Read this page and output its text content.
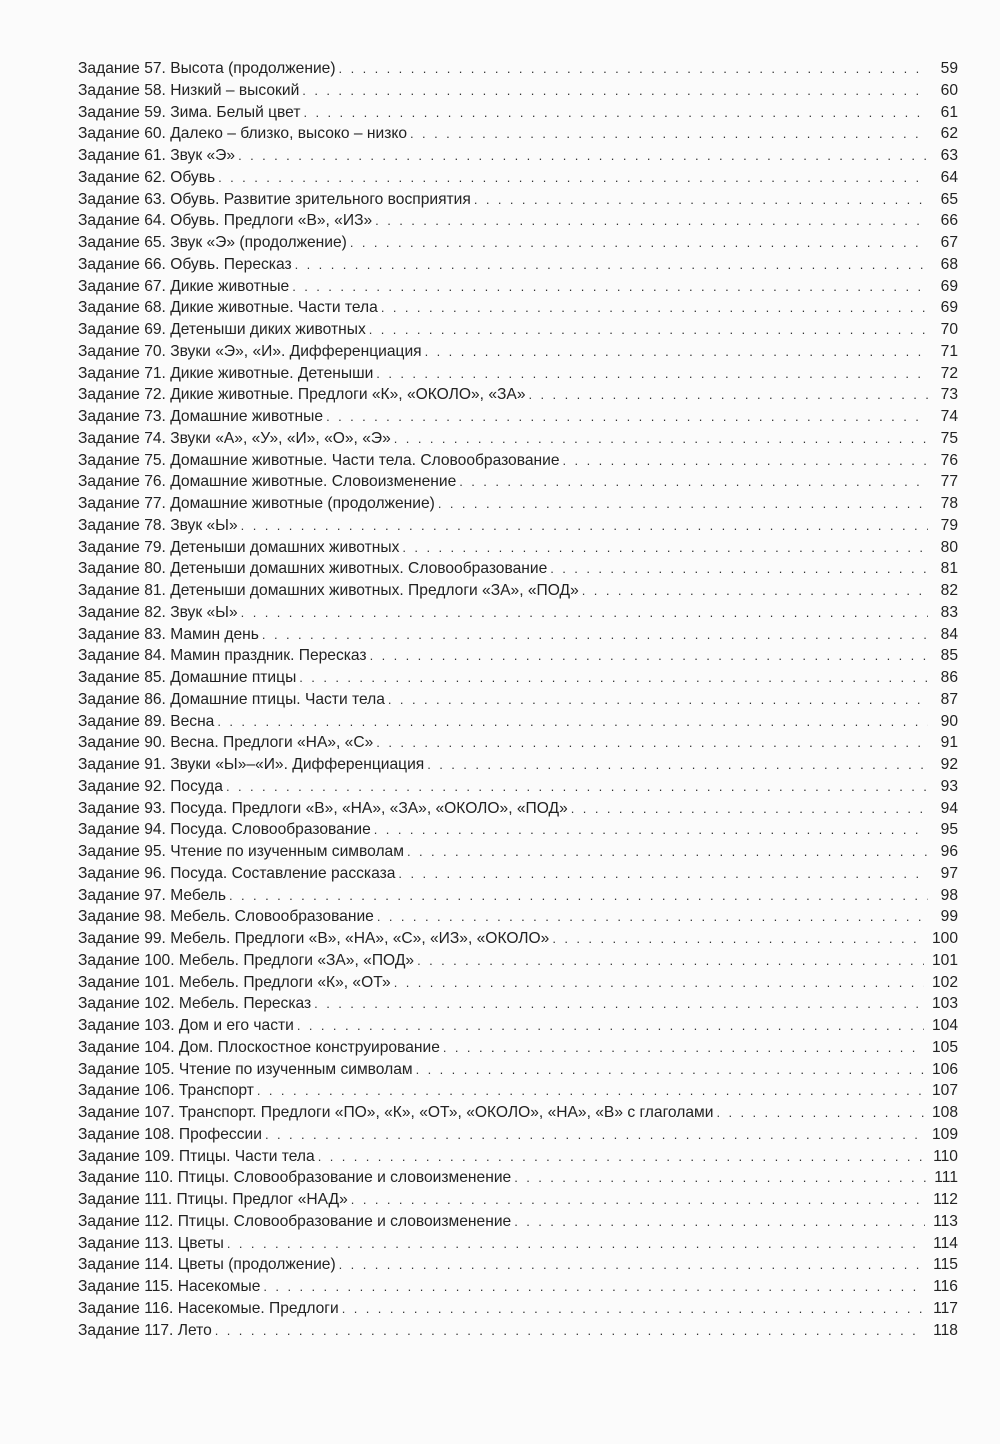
Задание 57. Высота (продолжение) . . .	59
Задание 58. Низкий – высокий . . .	60
Задание 59. Зима. Белый цвет . . .	61
Задание 60. Далеко – близко, высоко – низко . . .	62
Задание 61. Звук «Э» . . .	63
Задание 62. Обувь . . .	64
Задание 63. Обувь. Развитие зрительного восприятия . . .	65
Задание 64. Обувь. Предлоги «В», «ИЗ» . . .	66
Задание 65. Звук «Э» (продолжение) . . .	67
Задание 66. Обувь. Пересказ . . .	68
Задание 67. Дикие животные . . .	69
Задание 68. Дикие животные. Части тела . . .	69
Задание 69. Детеныши диких животных . . .	70
Задание 70. Звуки «Э», «И». Дифференциация . . .	71
Задание 71. Дикие животные. Детеныши . . .	72
Задание 72. Дикие животные. Предлоги «К», «ОКОЛО», «ЗА» . . .	73
Задание 73. Домашние животные . . .	74
Задание 74. Звуки «А», «У», «И», «О», «Э» . . .	75
Задание 75. Домашние животные. Части тела. Словообразование . . .	76
Задание 76. Домашние животные. Словоизменение . . .	77
Задание 77. Домашние животные (продолжение) . . .	78
Задание 78. Звук «Ы» . . .	79
Задание 79. Детеныши домашних животных . . .	80
Задание 80. Детеныши домашних животных. Словообразование . . .	81
Задание 81. Детеныши домашних животных. Предлоги «ЗА», «ПОД» . . .	82
Задание 82. Звук «Ы» . . .	83
Задание 83. Мамин день . . .	84
Задание 84. Мамин праздник. Пересказ . . .	85
Задание 85. Домашние птицы . . .	86
Задание 86. Домашние птицы. Части тела . . .	87
Задание 89. Весна . . .	90
Задание 90. Весна. Предлоги «НА», «С» . . .	91
Задание 91. Звуки «Ы»–«И». Дифференциация . . .	92
Задание 92. Посуда . . .	93
Задание 93. Посуда. Предлоги «В», «НА», «ЗА», «ОКОЛО», «ПОД» . . .	94
Задание 94. Посуда. Словообразование . . .	95
Задание 95. Чтение по изученным символам . . .	96
Задание 96. Посуда. Составление рассказа . . .	97
Задание 97. Мебель . . .	98
Задание 98. Мебель. Словообразование . . .	99
Задание 99. Мебель. Предлоги «В», «НА», «С», «ИЗ», «ОКОЛО» . . .	100
Задание 100. Мебель. Предлоги «ЗА», «ПОД» . . .	101
Задание 101. Мебель. Предлоги «К», «ОТ» . . .	102
Задание 102. Мебель. Пересказ . . .	103
Задание 103. Дом и его части . . .	104
Задание 104. Дом. Плоскостное конструирование . . .	105
Задание 105. Чтение по изученным символам . . .	106
Задание 106. Транспорт . . .	107
Задание 107. Транспорт. Предлоги «ПО», «К», «ОТ», «ОКОЛО», «НА», «В» с глаголами . . .	108
Задание 108. Профессии . . .	109
Задание 109. Птицы. Части тела . . .	110
Задание 110. Птицы. Словообразование и словоизменение . . .	111
Задание 111. Птицы. Предлог «НАД» . . .	112
Задание 112. Птицы. Словообразование и словоизменение . . .	113
Задание 113. Цветы . . .	114
Задание 114. Цветы (продолжение) . . .	115
Задание 115. Насекомые . . .	116
Задание 116. Насекомые. Предлоги . . .	117
Задание 117. Лето . . .	118
